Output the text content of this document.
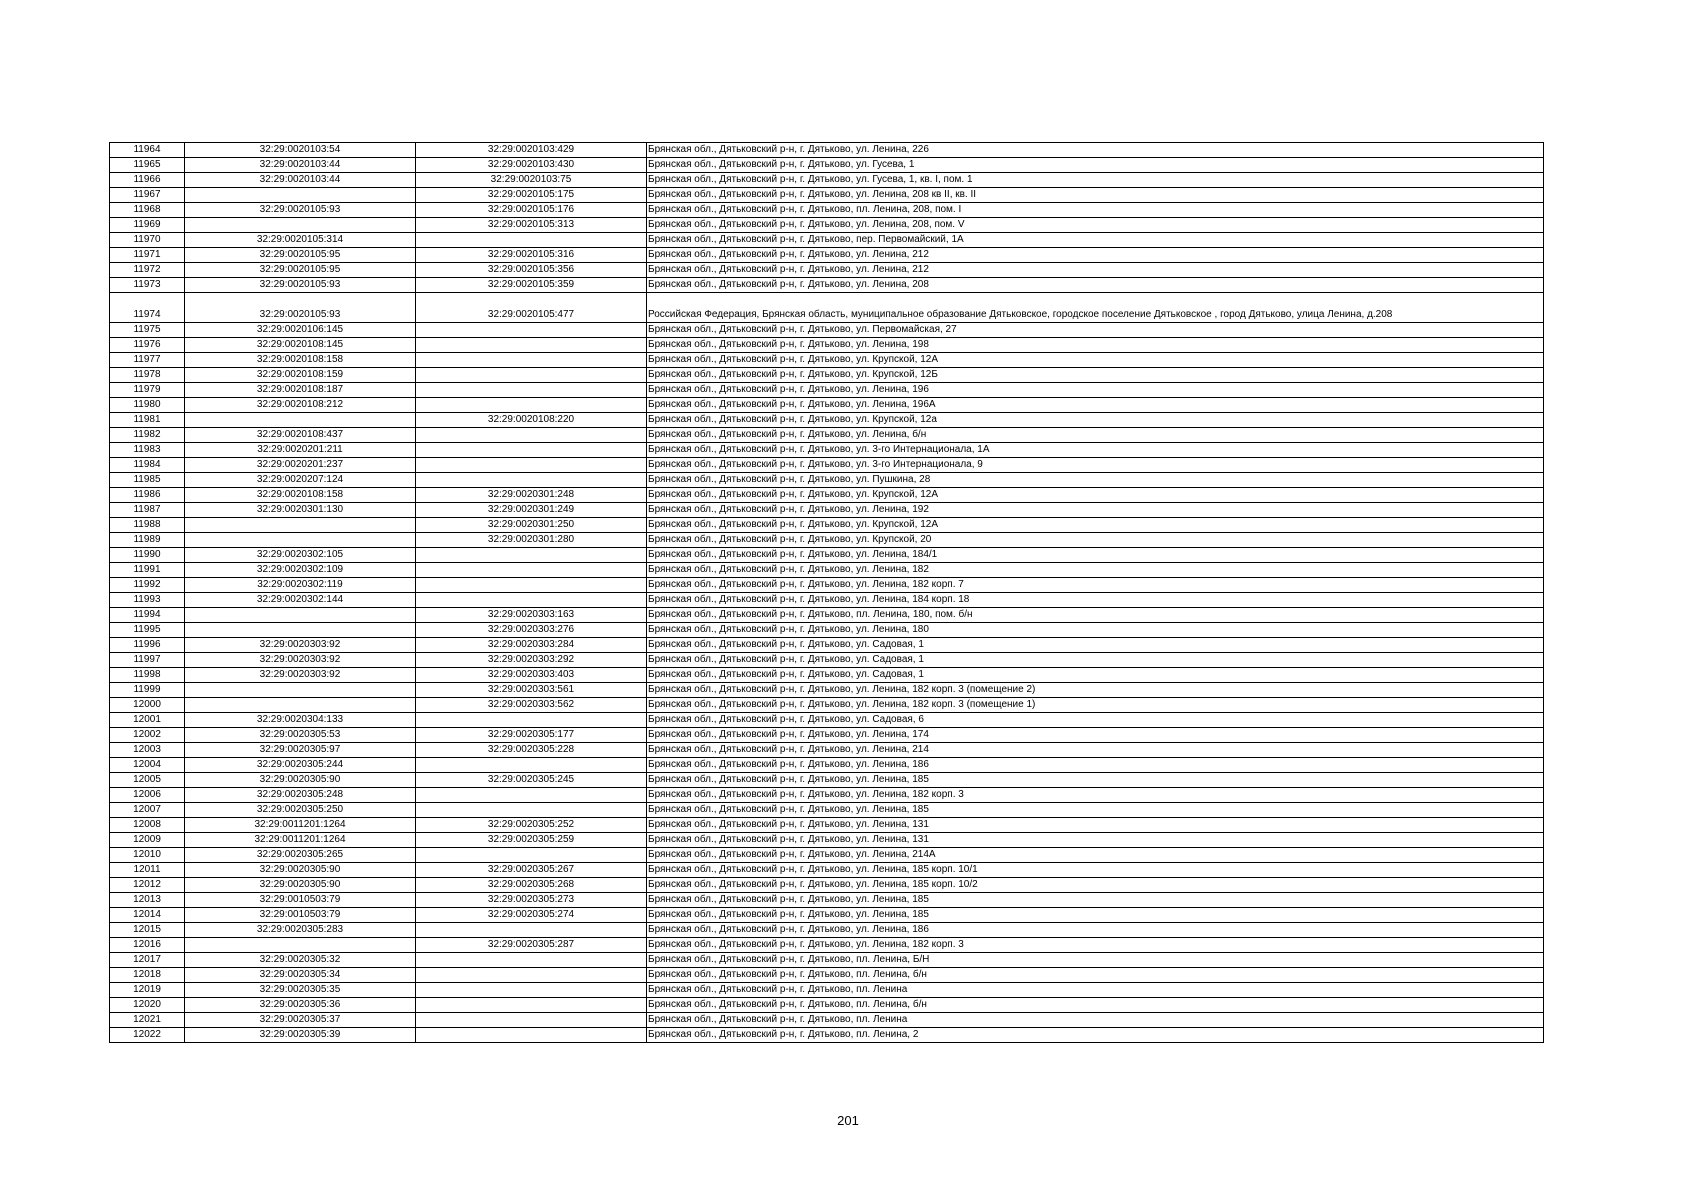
11964	32:29:0020103:54	32:29:0020103:429	Брянская обл., Дятьковский р-н, г. Дятьково, ул. Ленина, 226
11965	32:29:0020103:44	32:29:0020103:430	Брянская обл., Дятьковский р-н, г. Дятьково, ул. Гусева, 1
11966	32:29:0020103:44	32:29:0020103:75	Брянская обл., Дятьковский р-н, г. Дятьково, ул. Гусева, 1, кв. I, пом. 1
11967		32:29:0020105:175	Брянская обл., Дятьковский р-н, г. Дятьково, ул. Ленина, 208 кв II, кв. II
11968	32:29:0020105:93	32:29:0020105:176	Брянская обл., Дятьковский р-н, г. Дятьково, пл. Ленина, 208, пом. I
11969		32:29:0020105:313	Брянская обл., Дятьковский р-н, г. Дятьково, ул. Ленина, 208, пом. V
11970	32:29:0020105:314		Брянская обл., Дятьковский р-н, г. Дятьково, пер. Первомайский, 1А
11971	32:29:0020105:95	32:29:0020105:316	Брянская обл., Дятьковский р-н, г. Дятьково, ул. Ленина, 212
11972	32:29:0020105:95	32:29:0020105:356	Брянская обл., Дятьковский р-н, г. Дятьково, ул. Ленина, 212
11973	32:29:0020105:93	32:29:0020105:359	Брянская обл., Дятьковский р-н, г. Дятьково, ул. Ленина, 208
11974	32:29:0020105:93	32:29:0020105:477	Российская Федерация, Брянская область, муниципальное образование Дятьковское, городское поселение Дятьковское , город Дятьково, улица Ленина, д.208
11975	32:29:0020106:145		Брянская обл., Дятьковский р-н, г. Дятьково, ул. Первомайская, 27
11976	32:29:0020108:145		Брянская обл., Дятьковский р-н, г. Дятьково, ул. Ленина, 198
11977	32:29:0020108:158		Брянская обл., Дятьковский р-н, г. Дятьково, ул. Крупской, 12А
11978	32:29:0020108:159		Брянская обл., Дятьковский р-н, г. Дятьково, ул. Крупской, 12Б
11979	32:29:0020108:187		Брянская обл., Дятьковский р-н, г. Дятьково, ул. Ленина, 196
11980	32:29:0020108:212		Брянская обл., Дятьковский р-н, г. Дятьково, ул. Ленина, 196А
11981		32:29:0020108:220	Брянская обл., Дятьковский р-н, г. Дятьково, ул. Крупской, 12а
11982	32:29:0020108:437		Брянская обл., Дятьковский р-н, г. Дятьково, ул. Ленина, б/н
11983	32:29:0020201:211		Брянская обл., Дятьковский р-н, г. Дятьково, ул. 3-го Интернационала, 1А
11984	32:29:0020201:237		Брянская обл., Дятьковский р-н, г. Дятьково, ул. 3-го Интернационала, 9
11985	32:29:0020207:124		Брянская обл., Дятьковский р-н, г. Дятьково, ул. Пушкина, 28
11986	32:29:0020108:158	32:29:0020301:248	Брянская обл., Дятьковский р-н, г. Дятьково, ул. Крупской, 12А
11987	32:29:0020301:130	32:29:0020301:249	Брянская обл., Дятьковский р-н, г. Дятьково, ул. Ленина, 192
11988		32:29:0020301:250	Брянская обл., Дятьковский р-н, г. Дятьково, ул. Крупской, 12А
11989		32:29:0020301:280	Брянская обл., Дятьковский р-н, г. Дятьково, ул. Крупской, 20
11990	32:29:0020302:105		Брянская обл., Дятьковский р-н, г. Дятьково, ул. Ленина, 184/1
11991	32:29:0020302:109		Брянская обл., Дятьковский р-н, г. Дятьково, ул. Ленина, 182
11992	32:29:0020302:119		Брянская обл., Дятьковский р-н, г. Дятьково, ул. Ленина, 182 корп. 7
11993	32:29:0020302:144		Брянская обл., Дятьковский р-н, г. Дятьково, ул. Ленина, 184 корп. 18
11994		32:29:0020303:163	Брянская обл., Дятьковский р-н, г. Дятьково, пл. Ленина, 180, пом. б/н
11995		32:29:0020303:276	Брянская обл., Дятьковский р-н, г. Дятьково, ул. Ленина, 180
11996	32:29:0020303:92	32:29:0020303:284	Брянская обл., Дятьковский р-н, г. Дятьково, ул. Садовая, 1
11997	32:29:0020303:92	32:29:0020303:292	Брянская обл., Дятьковский р-н, г. Дятьково, ул. Садовая, 1
11998	32:29:0020303:92	32:29:0020303:403	Брянская обл., Дятьковский р-н, г. Дятьково, ул. Садовая, 1
11999		32:29:0020303:561	Брянская обл., Дятьковский р-н, г. Дятьково, ул. Ленина, 182 корп. 3 (помещение 2)
12000		32:29:0020303:562	Брянская обл., Дятьковский р-н, г. Дятьково, ул. Ленина, 182 корп. 3 (помещение 1)
12001	32:29:0020304:133		Брянская обл., Дятьковский р-н, г. Дятьково, ул. Садовая, 6
12002	32:29:0020305:53	32:29:0020305:177	Брянская обл., Дятьковский р-н, г. Дятьково, ул. Ленина, 174
12003	32:29:0020305:97	32:29:0020305:228	Брянская обл., Дятьковский р-н, г. Дятьково, ул. Ленина, 214
12004	32:29:0020305:244		Брянская обл., Дятьковский р-н, г. Дятьково, ул. Ленина, 186
12005	32:29:0020305:90	32:29:0020305:245	Брянская обл., Дятьковский р-н, г. Дятьково, ул. Ленина, 185
12006	32:29:0020305:248		Брянская обл., Дятьковский р-н, г. Дятьково, ул. Ленина, 182 корп. 3
12007	32:29:0020305:250		Брянская обл., Дятьковский р-н, г. Дятьково, ул. Ленина, 185
12008	32:29:0011201:1264	32:29:0020305:252	Брянская обл., Дятьковский р-н, г. Дятьково, ул. Ленина, 131
12009	32:29:0011201:1264	32:29:0020305:259	Брянская обл., Дятьковский р-н, г. Дятьково, ул. Ленина, 131
12010	32:29:0020305:265		Брянская обл., Дятьковский р-н, г. Дятьково, ул. Ленина, 214А
12011	32:29:0020305:90	32:29:0020305:267	Брянская обл., Дятьковский р-н, г. Дятьково, ул. Ленина, 185 корп. 10/1
12012	32:29:0020305:90	32:29:0020305:268	Брянская обл., Дятьковский р-н, г. Дятьково, ул. Ленина, 185 корп. 10/2
12013	32:29:0010503:79	32:29:0020305:273	Брянская обл., Дятьковский р-н, г. Дятьково, ул. Ленина, 185
12014	32:29:0010503:79	32:29:0020305:274	Брянская обл., Дятьковский р-н, г. Дятьково, ул. Ленина, 185
12015	32:29:0020305:283		Брянская обл., Дятьковский р-н, г. Дятьково, ул. Ленина, 186
12016		32:29:0020305:287	Брянская обл., Дятьковский р-н, г. Дятьково, ул. Ленина, 182 корп. 3
12017	32:29:0020305:32		Брянская обл., Дятьковский р-н, г. Дятьково, пл. Ленина, Б/Н
12018	32:29:0020305:34		Брянская обл., Дятьковский р-н, г. Дятьково, пл. Ленина, б/н
12019	32:29:0020305:35		Брянская обл., Дятьковский р-н, г. Дятьково, пл. Ленина
12020	32:29:0020305:36		Брянская обл., Дятьковский р-н, г. Дятьково, пл. Ленина, б/н
12021	32:29:0020305:37		Брянская обл., Дятьковский р-н, г. Дятьково, пл. Ленина
12022	32:29:0020305:39		Брянская обл., Дятьковский р-н, г. Дятьково, пл. Ленина, 2
201
